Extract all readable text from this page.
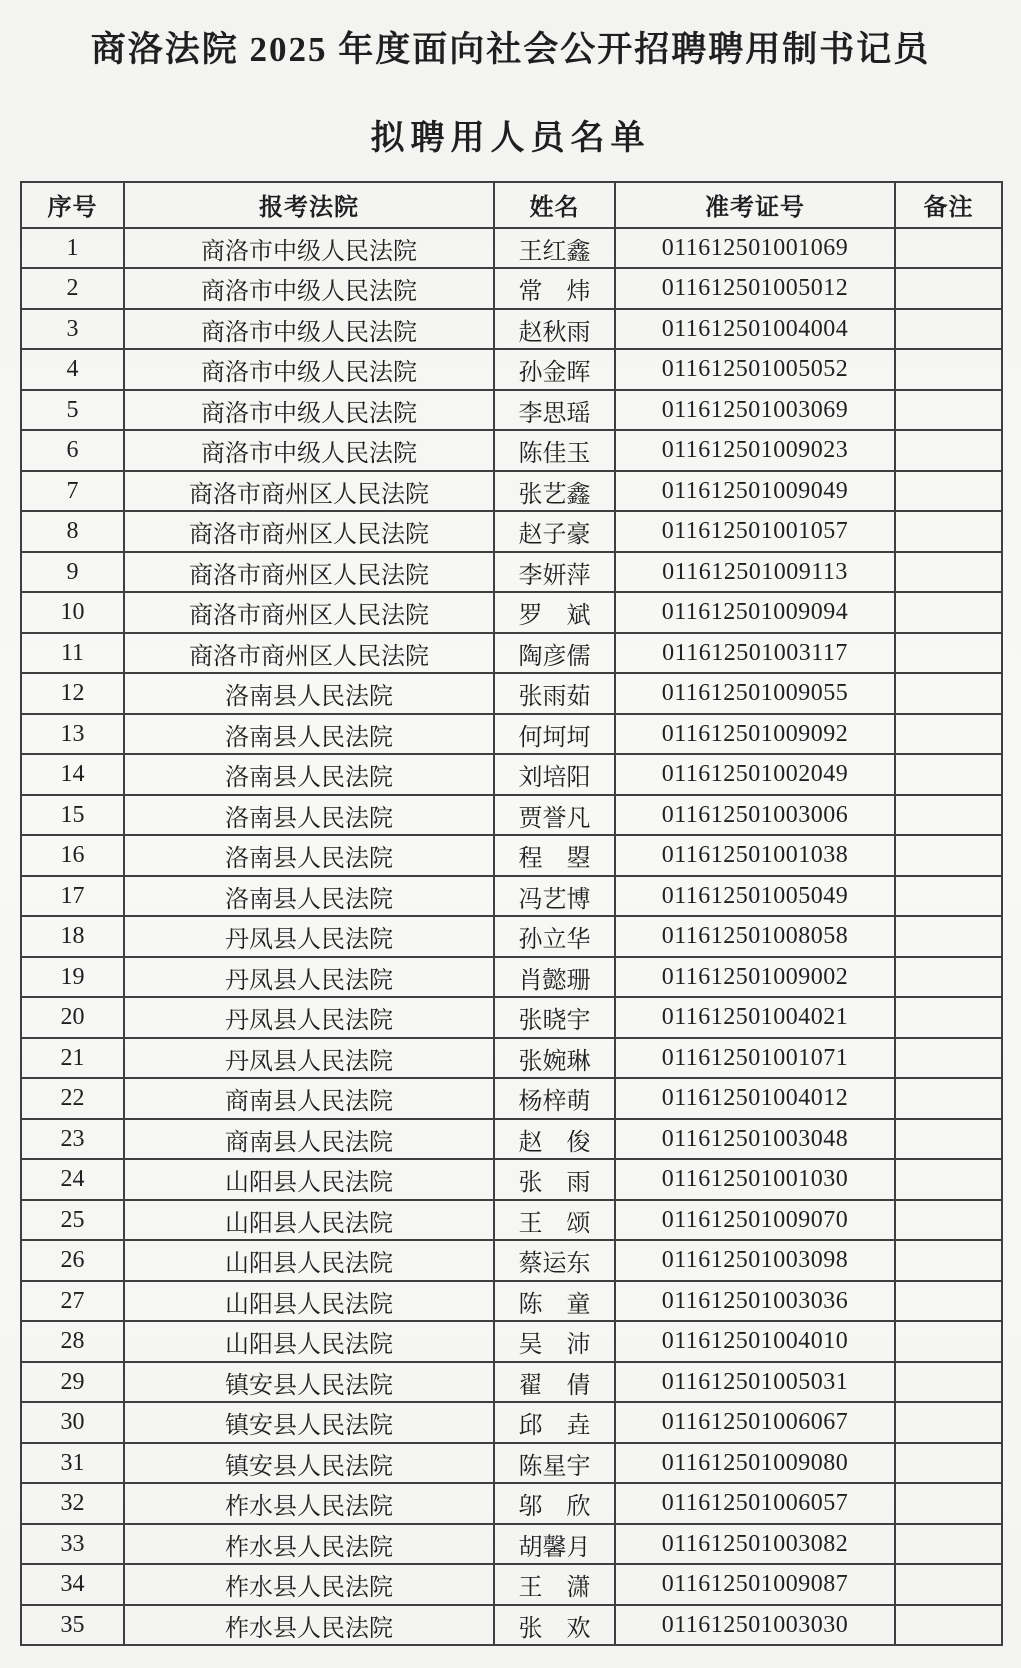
商洛法院 2025 年度面向社会公开招聘聘用制书记员
拟聘用人员名单
序号	报考法院	姓名	准考证号	备注
1	商洛市中级人民法院	王红鑫	011612501001069	
2	商洛市中级人民法院	常　炜	011612501005012	
3	商洛市中级人民法院	赵秋雨	011612501004004	
4	商洛市中级人民法院	孙金晖	011612501005052	
5	商洛市中级人民法院	李思瑶	011612501003069	
6	商洛市中级人民法院	陈佳玉	011612501009023	
7	商洛市商州区人民法院	张艺鑫	011612501009049	
8	商洛市商州区人民法院	赵子豪	011612501001057	
9	商洛市商州区人民法院	李妍萍	011612501009113	
10	商洛市商州区人民法院	罗　斌	011612501009094	
11	商洛市商州区人民法院	陶彦儒	011612501003117	
12	洛南县人民法院	张雨茹	011612501009055	
13	洛南县人民法院	何坷坷	011612501009092	
14	洛南县人民法院	刘培阳	011612501002049	
15	洛南县人民法院	贾誉凡	011612501003006	
16	洛南县人民法院	程　曌	011612501001038	
17	洛南县人民法院	冯艺博	011612501005049	
18	丹凤县人民法院	孙立华	011612501008058	
19	丹凤县人民法院	肖懿珊	011612501009002	
20	丹凤县人民法院	张晓宇	011612501004021	
21	丹凤县人民法院	张婉琳	011612501001071	
22	商南县人民法院	杨梓萌	011612501004012	
23	商南县人民法院	赵　俊	011612501003048	
24	山阳县人民法院	张　雨	011612501001030	
25	山阳县人民法院	王　颂	011612501009070	
26	山阳县人民法院	蔡运东	011612501003098	
27	山阳县人民法院	陈　童	011612501003036	
28	山阳县人民法院	吴　沛	011612501004010	
29	镇安县人民法院	翟　倩	011612501005031	
30	镇安县人民法院	邱　垚	011612501006067	
31	镇安县人民法院	陈星宇	011612501009080	
32	柞水县人民法院	邬　欣	011612501006057	
33	柞水县人民法院	胡馨月	011612501003082	
34	柞水县人民法院	王　潇	011612501009087	
35	柞水县人民法院	张　欢	011612501003030	
